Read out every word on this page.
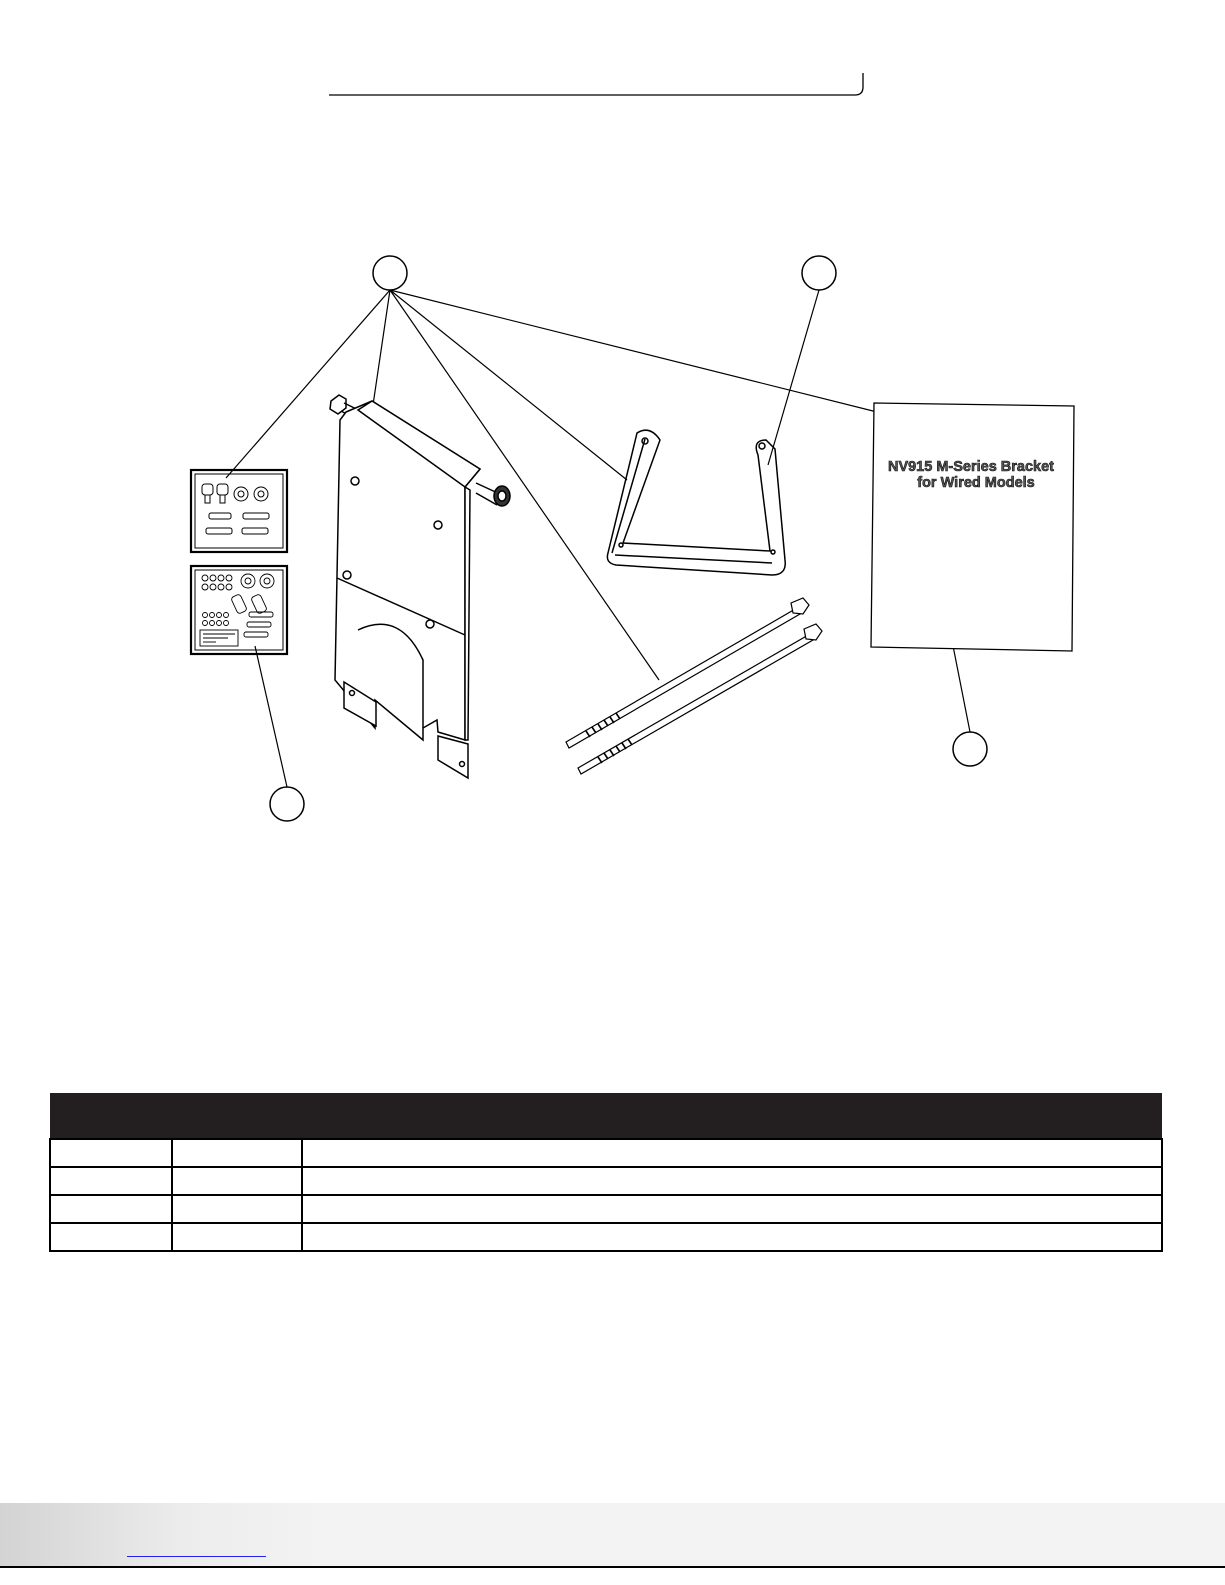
NV915 M-Series Bracket
for Wired Models
